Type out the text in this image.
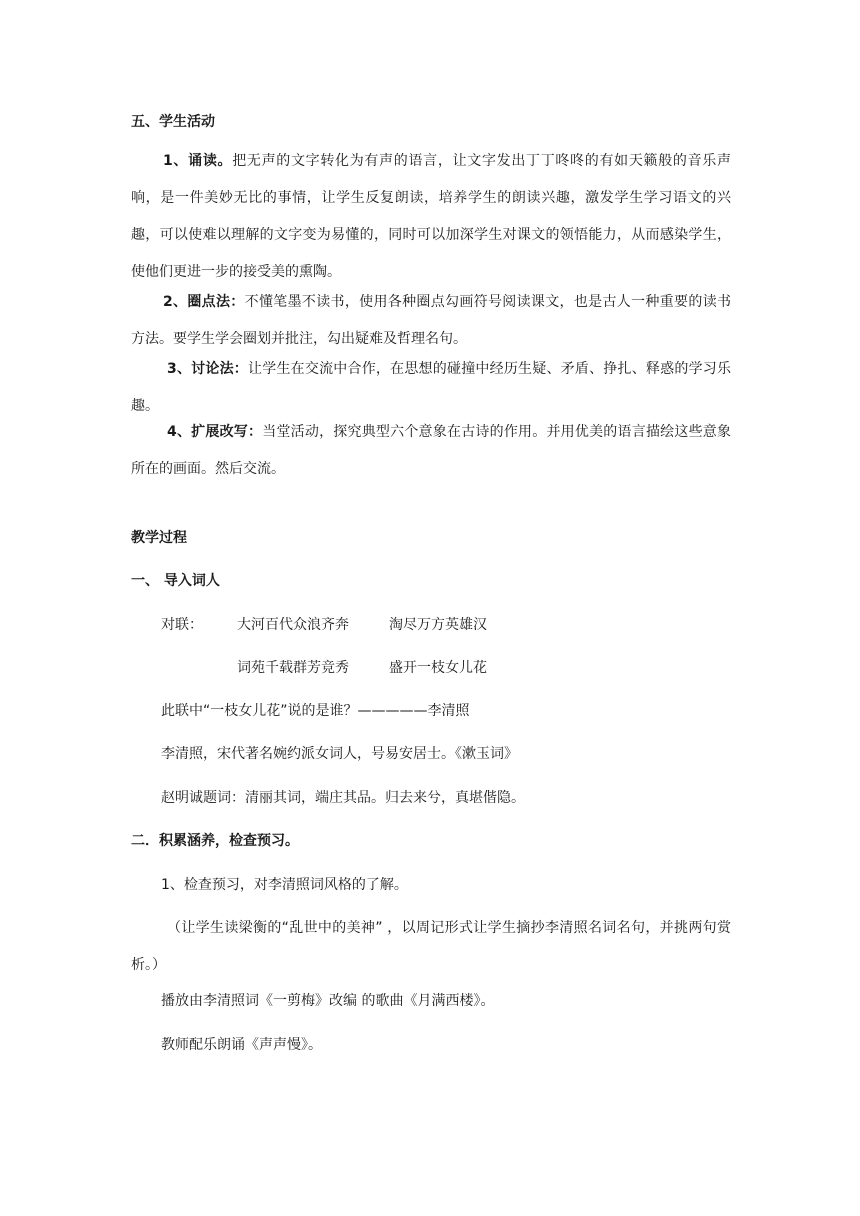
五、学生活动
1、诵读。把无声的文字转化为有声的语言，让文字发出丁丁咚咚的有如天籁般的音乐声响，是一件美妙无比的事情，让学生反复朗读，培养学生的朗读兴趣，激发学生学习语文的兴趣，可以使难以理解的文字变为易懂的，同时可以加深学生对课文的领悟能力，从而感染学生，使他们更进一步的接受美的熏陶。
2、圈点法：不懂笔墨不读书，使用各种圈点勾画符号阅读课文，也是古人一种重要的读书方法。要学生学会圈划并批注，勾出疑难及哲理名句。
3、讨论法：让学生在交流中合作，在思想的碰撞中经历生疑、矛盾、挣扎、释惑的学习乐趣。
4、扩展改写：当堂活动，探究典型六个意象在古诗的作用。并用优美的语言描绘这些意象所在的画面。然后交流。
教学过程
一、 导入词人
对联： 大河百代众浪齐奔	淘尽万方英雄汉
词苑千载群芳竞秀	盛开一枝女儿花
此联中“一枝女儿花”说的是谁？—————李清照
李清照，宋代著名婉约派女词人，号易安居士。《漱玉词》
赵明诚题词：清丽其词，端庄其品。归去来兮，真堪偕隐。
二．积累涵养，检查预习。
1、检查预习，对李清照词风格的了解。
（让学生读梁衡的“乱世中的美神” ，以周记形式让学生摘抄李清照名词名句，并挑两句赏析。）
播放由李清照词《一剪梅》改编 的歌曲《月满西楼》。
教师配乐朗诵《声声慢》。
